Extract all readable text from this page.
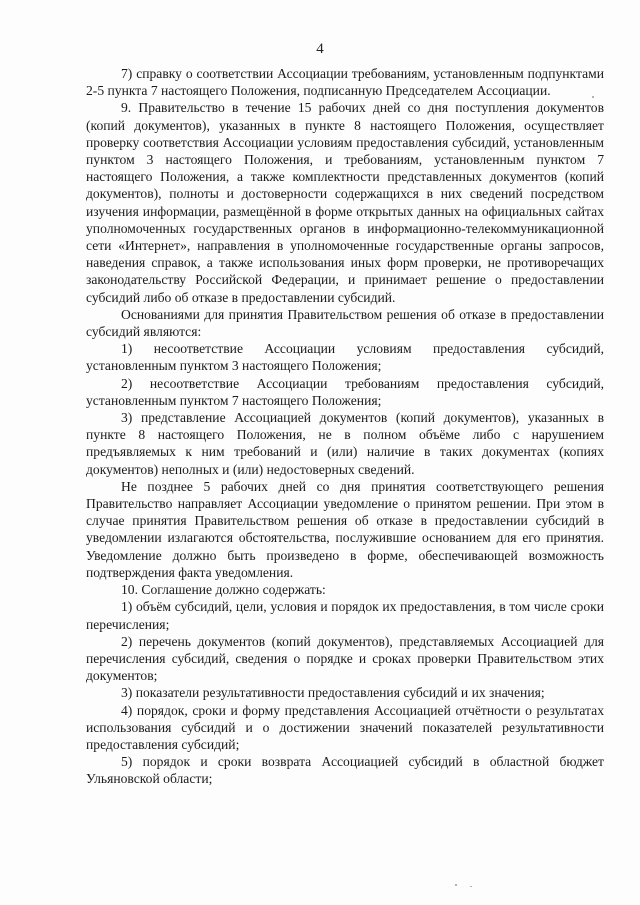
4

7) справку о соответствии Ассоциации требованиям, установленным подпунктами 2-5 пункта 7 настоящего Положения, подписанную Председателем Ассоциации.

9. Правительство в течение 15 рабочих дней со дня поступления документов (копий документов), указанных в пункте 8 настоящего Положения, осуществляет проверку соответствия Ассоциации условиям предоставления субсидий, установленным пунктом 3 настоящего Положения, и требованиям, установленным пунктом 7 настоящего Положения, а также комплектности представленных документов (копий документов), полноты и достоверности содержащихся в них сведений посредством изучения информации, размещённой в форме открытых данных на официальных сайтах уполномоченных государственных органов в информационно-телекоммуникационной сети «Интернет», направления в уполномоченные государственные органы запросов, наведения справок, а также использования иных форм проверки, не противоречащих законодательству Российской Федерации, и принимает решение о предоставлении субсидий либо об отказе в предоставлении субсидий.

Основаниями для принятия Правительством решения об отказе в предоставлении субсидий являются:

1) несоответствие Ассоциации условиям предоставления субсидий, установленным пунктом 3 настоящего Положения;

2) несоответствие Ассоциации требованиям предоставления субсидий, установленным пунктом 7 настоящего Положения;

3) представление Ассоциацией документов (копий документов), указанных в пункте 8 настоящего Положения, не в полном объёме либо с нарушением предъявляемых к ним требований и (или) наличие в таких документах (копиях документов) неполных и (или) недостоверных сведений.

Не позднее 5 рабочих дней со дня принятия соответствующего решения Правительство направляет Ассоциации уведомление о принятом решении. При этом в случае принятия Правительством решения об отказе в предоставлении субсидий в уведомлении излагаются обстоятельства, послужившие основанием для его принятия. Уведомление должно быть произведено в форме, обеспечивающей возможность подтверждения факта уведомления.

10. Соглашение должно содержать:

1) объём субсидий, цели, условия и порядок их предоставления, в том числе сроки перечисления;

2) перечень документов (копий документов), представляемых Ассоциацией для перечисления субсидий, сведения о порядке и сроках проверки Правительством этих документов;

3) показатели результативности предоставления субсидий и их значения;

4) порядок, сроки и форму представления Ассоциацией отчётности о результатах использования субсидий и о достижении значений показателей результативности предоставления субсидий;

5) порядок и сроки возврата Ассоциацией субсидий в областной бюджет Ульяновской области;
